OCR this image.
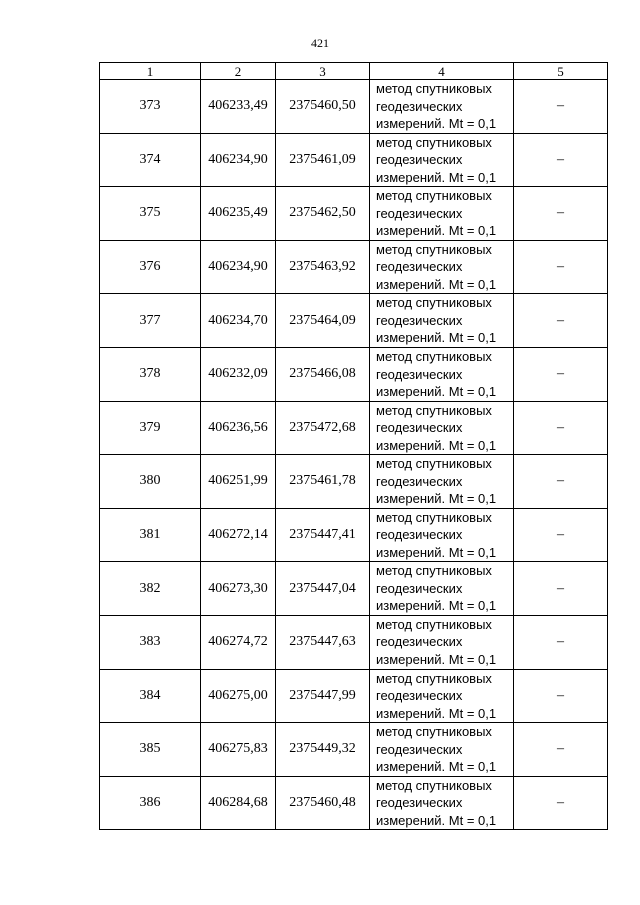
421
1	2	3	4	5
373	406233,49	2375460,50	метод спутниковых
геодезических
измерений. Mt = 0,1	–
374	406234,90	2375461,09	метод спутниковых
геодезических
измерений. Mt = 0,1	–
375	406235,49	2375462,50	метод спутниковых
геодезических
измерений. Mt = 0,1	–
376	406234,90	2375463,92	метод спутниковых
геодезических
измерений. Mt = 0,1	–
377	406234,70	2375464,09	метод спутниковых
геодезических
измерений. Mt = 0,1	–
378	406232,09	2375466,08	метод спутниковых
геодезических
измерений. Mt = 0,1	–
379	406236,56	2375472,68	метод спутниковых
геодезических
измерений. Mt = 0,1	–
380	406251,99	2375461,78	метод спутниковых
геодезических
измерений. Mt = 0,1	–
381	406272,14	2375447,41	метод спутниковых
геодезических
измерений. Mt = 0,1	–
382	406273,30	2375447,04	метод спутниковых
геодезических
измерений. Mt = 0,1	–
383	406274,72	2375447,63	метод спутниковых
геодезических
измерений. Mt = 0,1	–
384	406275,00	2375447,99	метод спутниковых
геодезических
измерений. Mt = 0,1	–
385	406275,83	2375449,32	метод спутниковых
геодезических
измерений. Mt = 0,1	–
386	406284,68	2375460,48	метод спутниковых
геодезических
измерений. Mt = 0,1	–
